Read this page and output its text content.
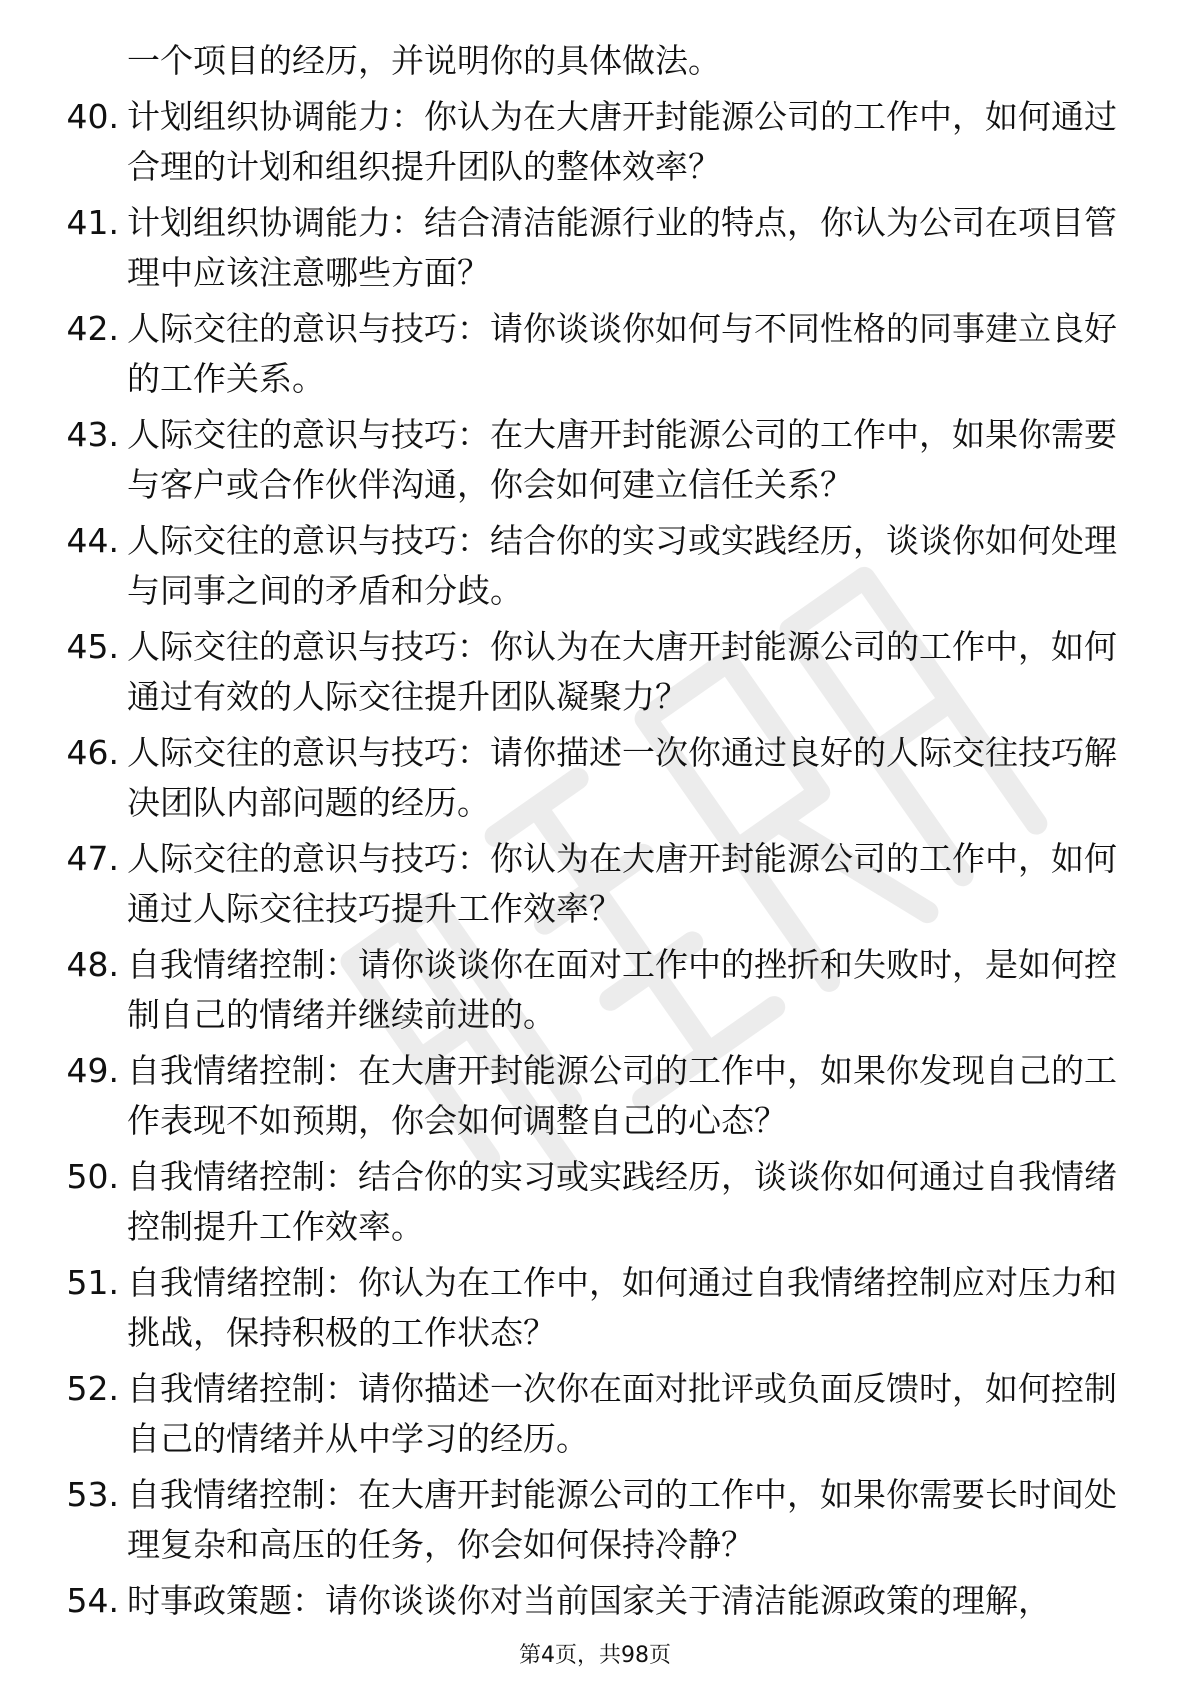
一个项目的经历，并说明你的具体做法。
40. 计划组织协调能力：你认为在大唐开封能源公司的工作中，如何通过合理的计划和组织提升团队的整体效率？
41. 计划组织协调能力：结合清洁能源行业的特点，你认为公司在项目管理中应该注意哪些方面？
42. 人际交往的意识与技巧：请你谈谈你如何与不同性格的同事建立良好的工作关系。
43. 人际交往的意识与技巧：在大唐开封能源公司的工作中，如果你需要与客户或合作伙伴沟通，你会如何建立信任关系？
44. 人际交往的意识与技巧：结合你的实习或实践经历，谈谈你如何处理与同事之间的矛盾和分歧。
45. 人际交往的意识与技巧：你认为在大唐开封能源公司的工作中，如何通过有效的人际交往提升团队凝聚力？
46. 人际交往的意识与技巧：请你描述一次你通过良好的人际交往技巧解决团队内部问题的经历。
47. 人际交往的意识与技巧：你认为在大唐开封能源公司的工作中，如何通过人际交往技巧提升工作效率？
48. 自我情绪控制：请你谈谈你在面对工作中的挫折和失败时，是如何控制自己的情绪并继续前进的。
49. 自我情绪控制：在大唐开封能源公司的工作中，如果你发现自己的工作表现不如预期，你会如何调整自己的心态？
50. 自我情绪控制：结合你的实习或实践经历，谈谈你如何通过自我情绪控制提升工作效率。
51. 自我情绪控制：你认为在工作中，如何通过自我情绪控制应对压力和挑战，保持积极的工作状态？
52. 自我情绪控制：请你描述一次你在面对批评或负面反馈时，如何控制自己的情绪并从中学习的经历。
53. 自我情绪控制：在大唐开封能源公司的工作中，如果你需要长时间处理复杂和高压的任务，你会如何保持冷静？
54. 时事政策题：请你谈谈你对当前国家关于清洁能源政策的理解，
第4页，共98页
